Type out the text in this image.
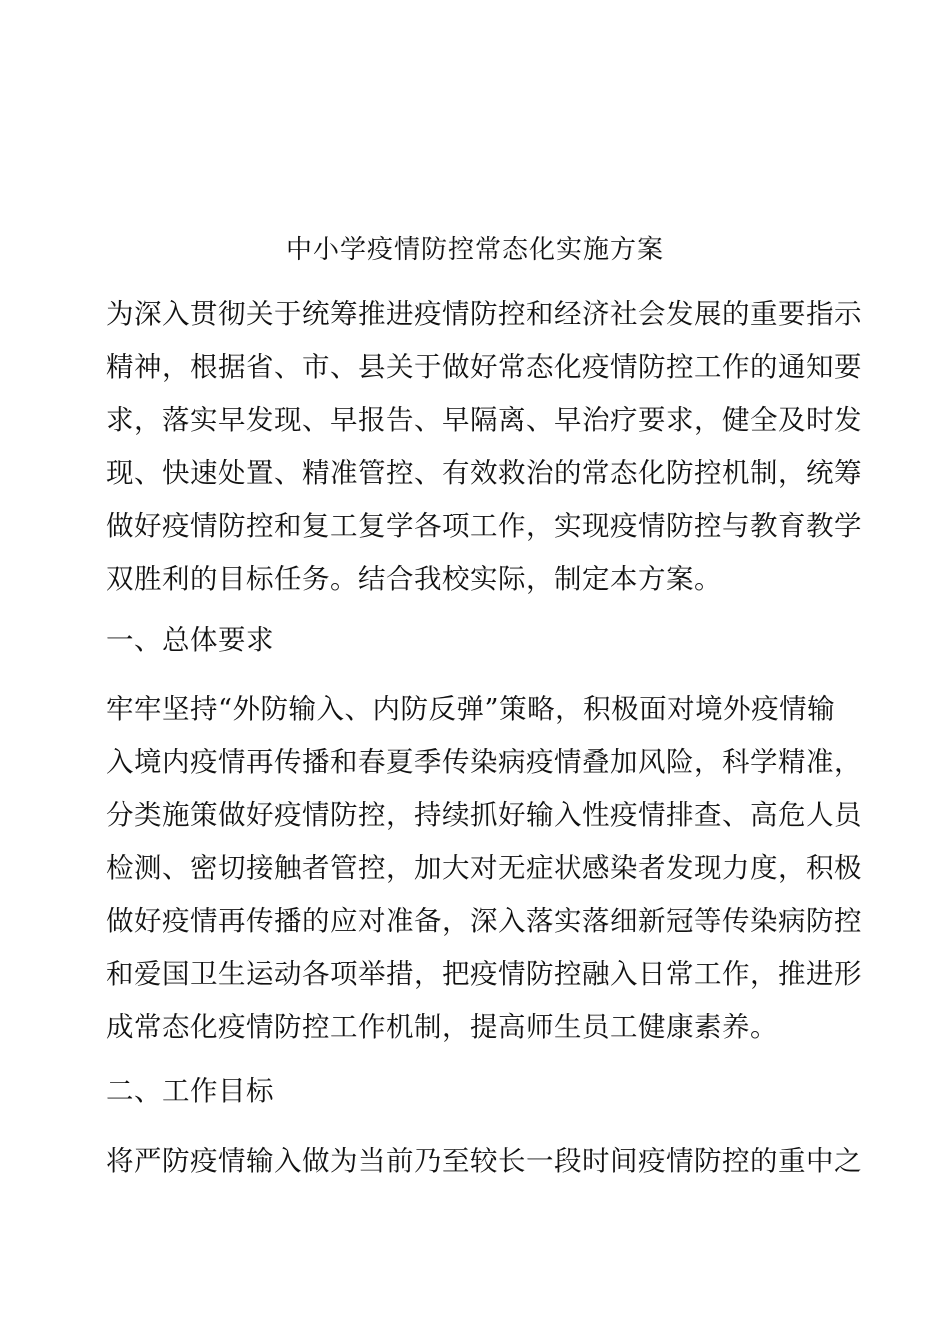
中小学疫情防控常态化实施方案
为深入贯彻关于统筹推进疫情防控和经济社会发展的重要指示
精神，根据省、市、县关于做好常态化疫情防控工作的通知要
求，落实早发现、早报告、早隔离、早治疗要求，健全及时发
现、快速处置、精准管控、有效救治的常态化防控机制，统筹
做好疫情防控和复工复学各项工作，实现疫情防控与教育教学
双胜利的目标任务。结合我校实际，制定本方案。
一、总体要求
牢牢坚持“外防输入、内防反弹”策略，积极面对境外疫情输
入境内疫情再传播和春夏季传染病疫情叠加风险，科学精准，
分类施策做好疫情防控，持续抓好输入性疫情排查、高危人员
检测、密切接触者管控，加大对无症状感染者发现力度，积极
做好疫情再传播的应对准备，深入落实落细新冠等传染病防控
和爱国卫生运动各项举措，把疫情防控融入日常工作，推进形
成常态化疫情防控工作机制，提高师生员工健康素养。
二、工作目标
将严防疫情输入做为当前乃至较长一段时间疫情防控的重中之
